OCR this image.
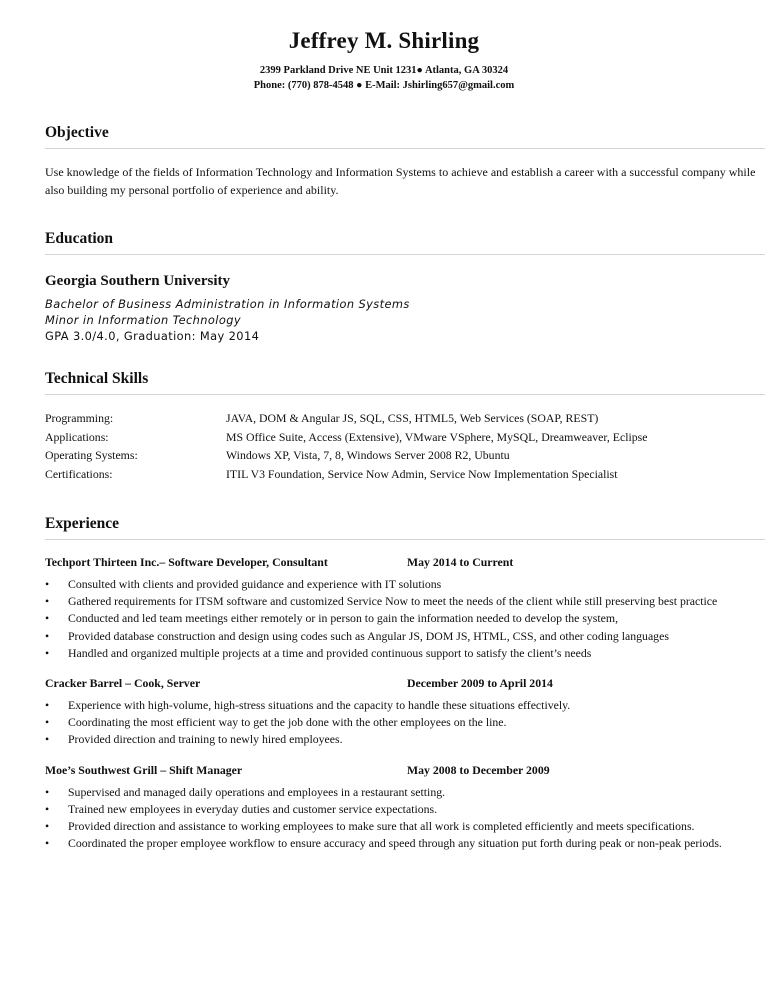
Jeffrey M. Shirling
2399 Parkland Drive NE Unit 1231● Atlanta, GA 30324
Phone: (770) 878-4548 ● E-Mail: Jshirling657@gmail.com
Objective
Use knowledge of the fields of Information Technology and Information Systems to achieve and establish a career with a successful company while also building my personal portfolio of experience and ability.
Education
Georgia Southern University
Bachelor of Business Administration in Information Systems
Minor in Information Technology
GPA 3.0/4.0, Graduation: May 2014
Technical Skills
Programming:	JAVA, DOM & Angular JS, SQL, CSS, HTML5, Web Services (SOAP, REST)
Applications:	MS Office Suite, Access (Extensive), VMware VSphere, MySQL, Dreamweaver, Eclipse
Operating Systems:	Windows XP, Vista, 7, 8, Windows Server 2008 R2, Ubuntu
Certifications:	ITIL V3 Foundation, Service Now Admin, Service Now Implementation Specialist
Experience
Techport Thirteen Inc.– Software Developer, Consultant	May 2014 to Current
• Consulted with clients and provided guidance and experience with IT solutions
• Gathered requirements for ITSM software and customized Service Now to meet the needs of the client while still preserving best practice
• Conducted and led team meetings either remotely or in person to gain the information needed to develop the system,
• Provided database construction and design using codes such as Angular JS, DOM JS, HTML, CSS, and other coding languages
• Handled and organized multiple projects at a time and provided continuous support to satisfy the client’s needs
Cracker Barrel – Cook, Server	December 2009 to April 2014
• Experience with high-volume, high-stress situations and the capacity to handle these situations effectively.
• Coordinating the most efficient way to get the job done with the other employees on the line.
• Provided direction and training to newly hired employees.
Moe’s Southwest Grill – Shift Manager	May 2008 to December 2009
• Supervised and managed daily operations and employees in a restaurant setting.
• Trained new employees in everyday duties and customer service expectations.
• Provided direction and assistance to working employees to make sure that all work is completed efficiently and meets specifications.
• Coordinated the proper employee workflow to ensure accuracy and speed through any situation put forth during peak or non-peak periods.
